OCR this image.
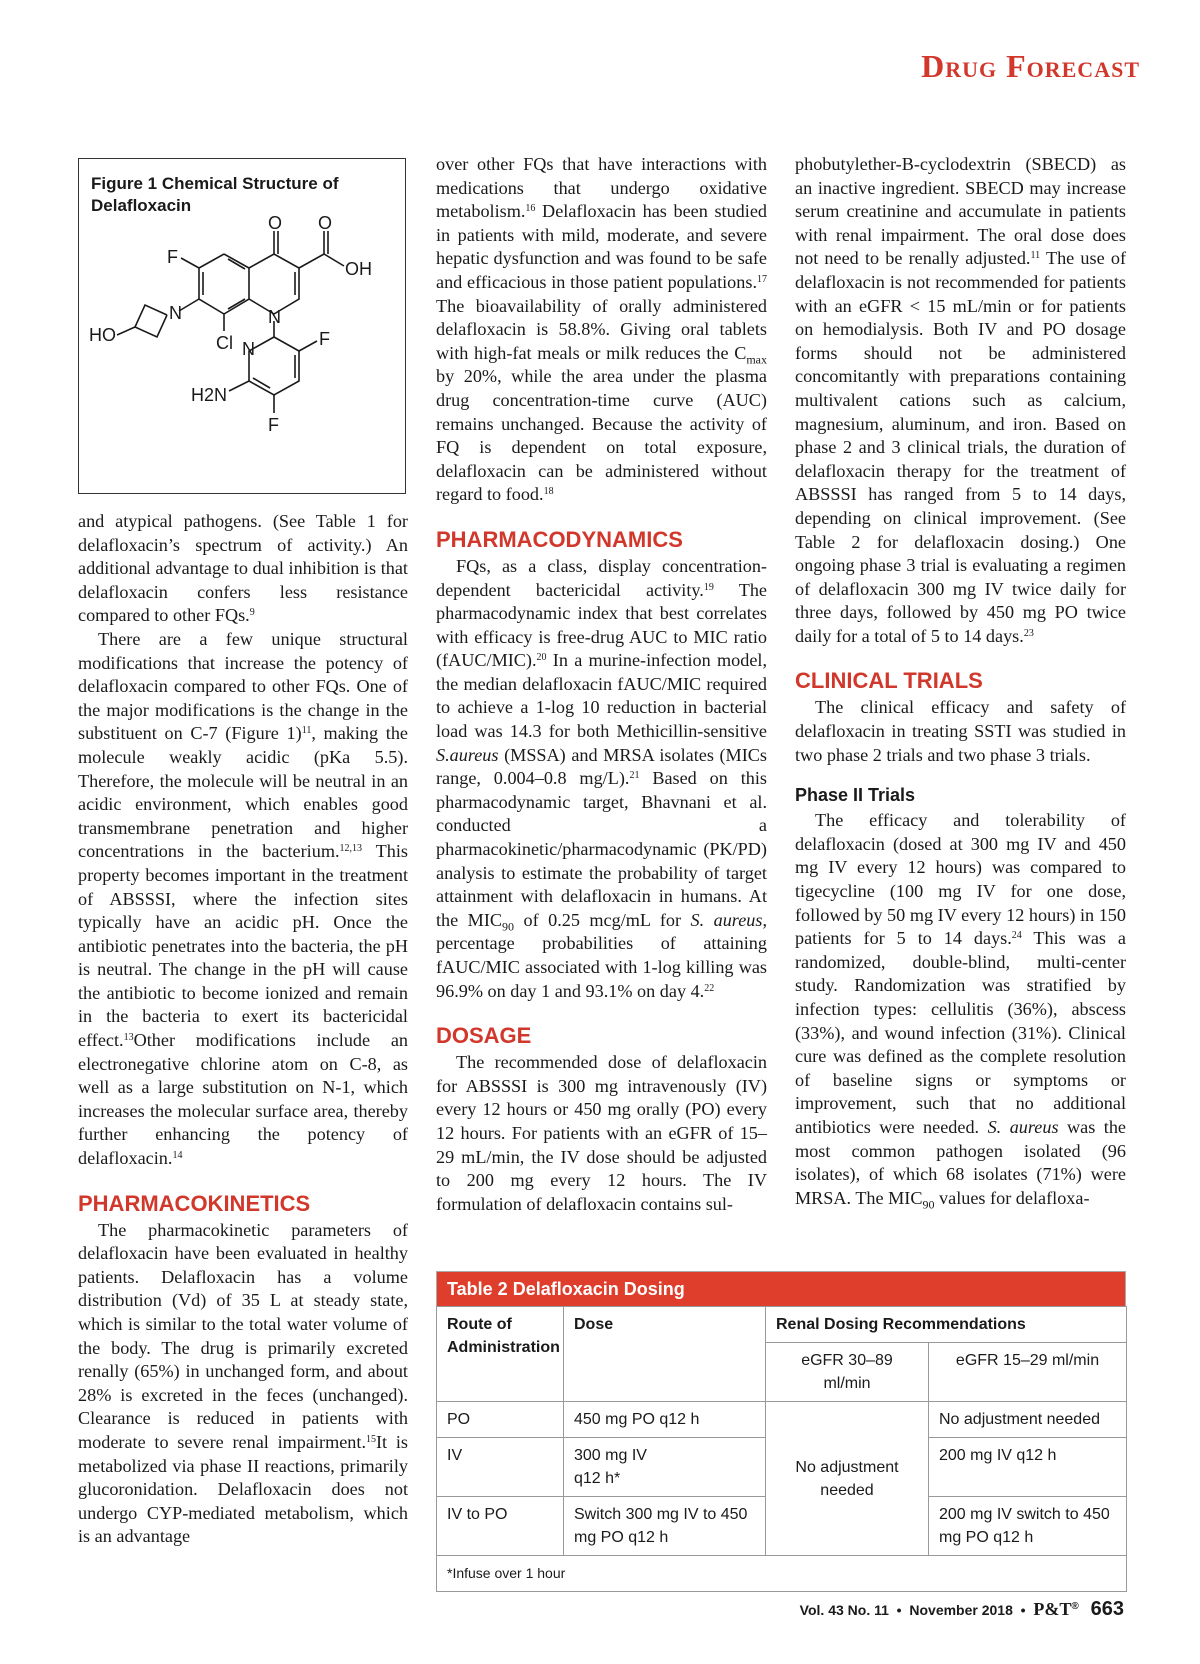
Drug Forecast
Figure 1 Chemical Structure of Delafloxacin
O O
OH
F
N	N
HO	Cl N	F
H2N
F

and atypical pathogens. (See Table 1 for delafloxacin’s spectrum of activity.) An additional advantage to dual inhibition is that delafloxacin confers less resistance compared to other FQs.$^9$

There are a few unique structural modifications that increase the potency of delafloxacin compared to other FQs. One of the major modifications is the change in the substituent on C-7 (Figure 1)$^{11}$, making the molecule weakly acidic (pKa 5.5). Therefore, the molecule will be neutral in an acidic environment, which enables good transmembrane penetration and higher concentrations in the bacterium.$^{12,13}$ This property becomes important in the treatment of ABSSSI, where the infection sites typically have an acidic pH. Once the antibiotic penetrates into the bacteria, the pH is neutral. The change in the pH will cause the antibiotic to become ionized and remain in the bacteria to exert its bactericidal effect.$^{13}$Other modifications include an electronegative chlorine atom on C-8, as well as a large substitution on N-1, which increases the molecular surface area, thereby further enhancing the potency of delafloxacin.$^{14}$

PHARMACOKINETICS

The pharmacokinetic parameters of delafloxacin have been evaluated in healthy patients. Delafloxacin has a volume distribution (Vd) of 35 L at steady state, which is similar to the total water volume of the body. The drug is primarily excreted renally (65%) in unchanged form, and about 28% is excreted in the feces (unchanged). Clearance is reduced in patients with moderate to severe renal impairment.$^{15}$It is metabolized via phase II reactions, primarily glucoronidation. Delafloxacin does not undergo CYP-mediated metabolism, which is an advantage

over other FQs that have interactions with medications that undergo oxidative metabolism.$^{16}$ Delafloxacin has been studied in patients with mild, moderate, and severe hepatic dysfunction and was found to be safe and efficacious in those patient populations.$^{17}$ The bioavailability of orally administered delafloxacin is 58.8%. Giving oral tablets with high-fat meals or milk reduces the $C_{max}$ by 20%, while the area under the plasma drug concentration-time curve (AUC) remains unchanged. Because the activity of FQ is dependent on total exposure, delafloxacin can be administered without regard to food.$^{18}$

PHARMACODYNAMICS

FQs, as a class, display concentration-dependent bactericidal activity.$^{19}$ The pharmacodynamic index that best correlates with efficacy is free-drug AUC to MIC ratio (fAUC/MIC).$^{20}$ In a murine-infection model, the median delafloxacin fAUC/MIC required to achieve a 1-log 10 reduction in bacterial load was 14.3 for both Methicillin-sensitive S.aureus (MSSA) and MRSA isolates (MICs range, 0.004–0.8 mg/L).$^{21}$ Based on this pharmacodynamic target, Bhavnani et al. conducted a pharmacokinetic/pharmacodynamic (PK/PD) analysis to estimate the probability of target attainment with delafloxacin in humans. At the $MIC_{90}$ of 0.25 mcg/mL for S. aureus, percentage probabilities of attaining fAUC/MIC associated with 1-log killing was 96.9% on day 1 and 93.1% on day 4.22

DOSAGE

The recommended dose of delafloxacin for ABSSSI is 300 mg intravenously (IV) every 12 hours or 450 mg orally (PO) every 12 hours. For patients with an eGFR of 15–29 mL/min, the IV dose should be adjusted to 200 mg every 12 hours. The IV formulation of delafloxacin contains sul-

phobutylether-B-cyclodextrin (SBECD) as an inactive ingredient. SBECD may increase serum creatinine and accumulate in patients with renal impairment. The oral dose does not need to be renally adjusted.$^{11}$ The use of delafloxacin is not recommended for patients with an eGFR < 15 mL/min or for patients on hemodialysis. Both IV and PO dosage forms should not be administered concomitantly with preparations containing multivalent cations such as calcium, magnesium, aluminum, and iron. Based on phase 2 and 3 clinical trials, the duration of delafloxacin therapy for the treatment of ABSSSI has ranged from 5 to 14 days, depending on clinical improvement. (See Table 2 for delafloxacin dosing.) One ongoing phase 3 trial is evaluating a regimen of delafloxacin 300 mg IV twice daily for three days, followed by 450 mg PO twice daily for a total of 5 to 14 days.$^{23}$

CLINICAL TRIALS

The clinical efficacy and safety of delafloxacin in treating SSTI was studied in two phase 2 trials and two phase 3 trials.

Phase II Trials

The efficacy and tolerability of delafloxacin (dosed at 300 mg IV and 450 mg IV every 12 hours) was compared to tigecycline (100 mg IV for one dose, followed by 50 mg IV every 12 hours) in 150 patients for 5 to 14 days.$^{24}$ This was a randomized, double-blind, multi-center study. Randomization was stratified by infection types: cellulitis (36%), abscess (33%), and wound infection (31%). Clinical cure was defined as the complete resolution of baseline signs or symptoms or improvement, such that no additional antibiotics were needed. S. aureus was the most common pathogen isolated (96 isolates), of which 68 isolates (71%) were MRSA. The $MIC_{90}$ values for delafloxa-

Table 2 Delafloxacin Dosing
Route of Administration	Dose	Renal Dosing Recommendations	
		eGFR 30–89 ml/min	eGFR 15–29 ml/min
PO	450 mg PO q12 h	No adjustment needed	No adjustment needed
IV	300 mg IV q12 h*		200 mg IV q12 h
IV to PO	Switch 300 mg IV to 450 mg PO q12 h		200 mg IV switch to 450 mg PO q12 h
*Infuse over 1 hour			
Vol. 43 No. 11  •  November 2018  •  P&T® 663
